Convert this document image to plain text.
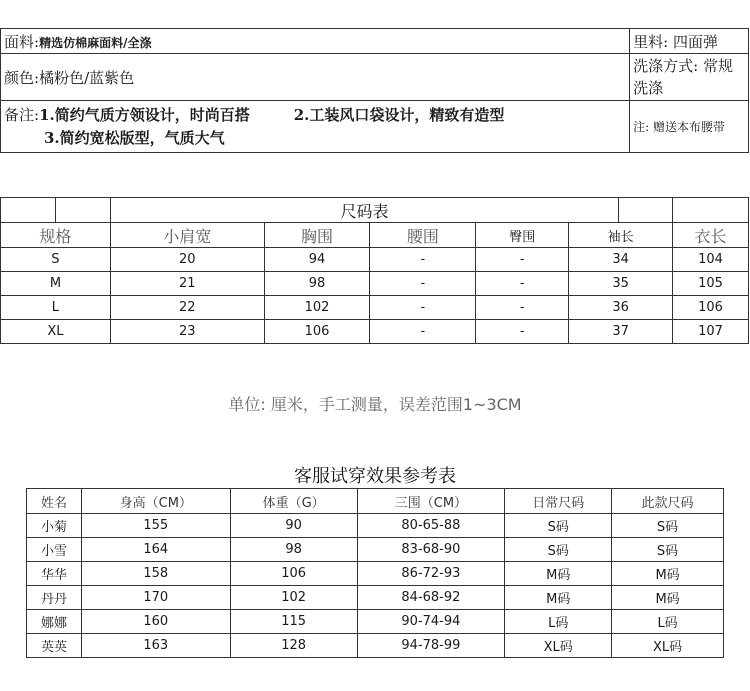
面料:精选仿棉麻面料/全涤	里料: 四面弹
颜色:橘粉色/蓝紫色	洗涤方式: 常规洗涤

备注:1.简约气质方领设计，时尚百搭 2.工装风口袋设计，精致有造型
3.简约宽松版型，气质大气	注: 赠送本布腰带
		尺码表						
规格		小肩宽	胸围	腰围	臀围	袖长		衣长
S		20	94	-	-	34		104
M		21	98	-	-	35		105
L		22	102	-	-	36		106
XL		23	106	-	-	37		107
单位: 厘米，手工测量，误差范围1~3CM
客服试穿效果参考表
姓名	身高（CM）	体重（G）	三围（CM）	日常尺码	此款尺码
小菊	155	90	80-65-88	S码	S码
小雪	164	98	83-68-90	S码	S码
华华	158	106	86-72-93	M码	M码
丹丹	170	102	84-68-92	M码	M码
娜娜	160	115	90-74-94	L码	L码
英英	163	128	94-78-99	XL码	XL码
